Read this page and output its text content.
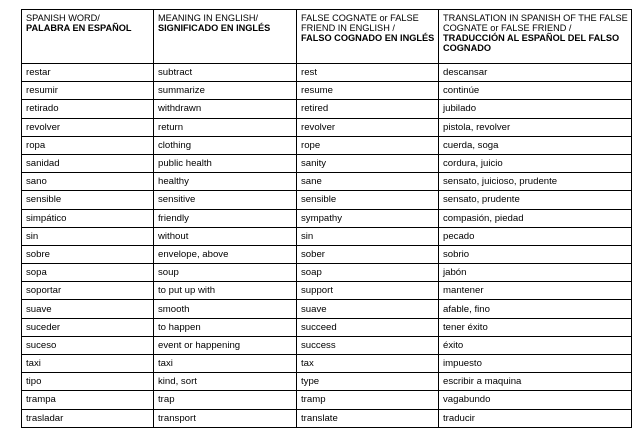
SPANISH WORD/
PALABRA EN ESPAÑOL	MEANING IN ENGLISH/
SIGNIFICADO EN INGLÉS	FALSE COGNATE or FALSE FRIEND IN ENGLISH /
FALSO COGNADO EN INGLÉS	TRANSLATION IN SPANISH OF THE FALSE COGNATE or FALSE FRIEND /
TRADUCCIÓN AL ESPAÑOL DEL FALSO COGNADO
restar	subtract	rest	descansar
resumir	summarize	resume	continúe
retirado	withdrawn	retired	jubilado
revolver	return	revolver	pistola, revolver
ropa	clothing	rope	cuerda, soga
sanidad	public health	sanity	cordura, juicio
sano	healthy	sane	sensato, juicioso, prudente
sensible	sensitive	sensible	sensato, prudente
simpático	friendly	sympathy	compasión, piedad
sin	without	sin	pecado
sobre	envelope, above	sober	sobrio
sopa	soup	soap	jabón
soportar	to put up with	support	mantener
suave	smooth	suave	afable, fino
suceder	to happen	succeed	tener éxito
suceso	event or happening	success	éxito
taxi	taxi	tax	impuesto
tipo	kind, sort	type	escribir a maquina
trampa	trap	tramp	vagabundo
trasladar	transport	translate	traducir
